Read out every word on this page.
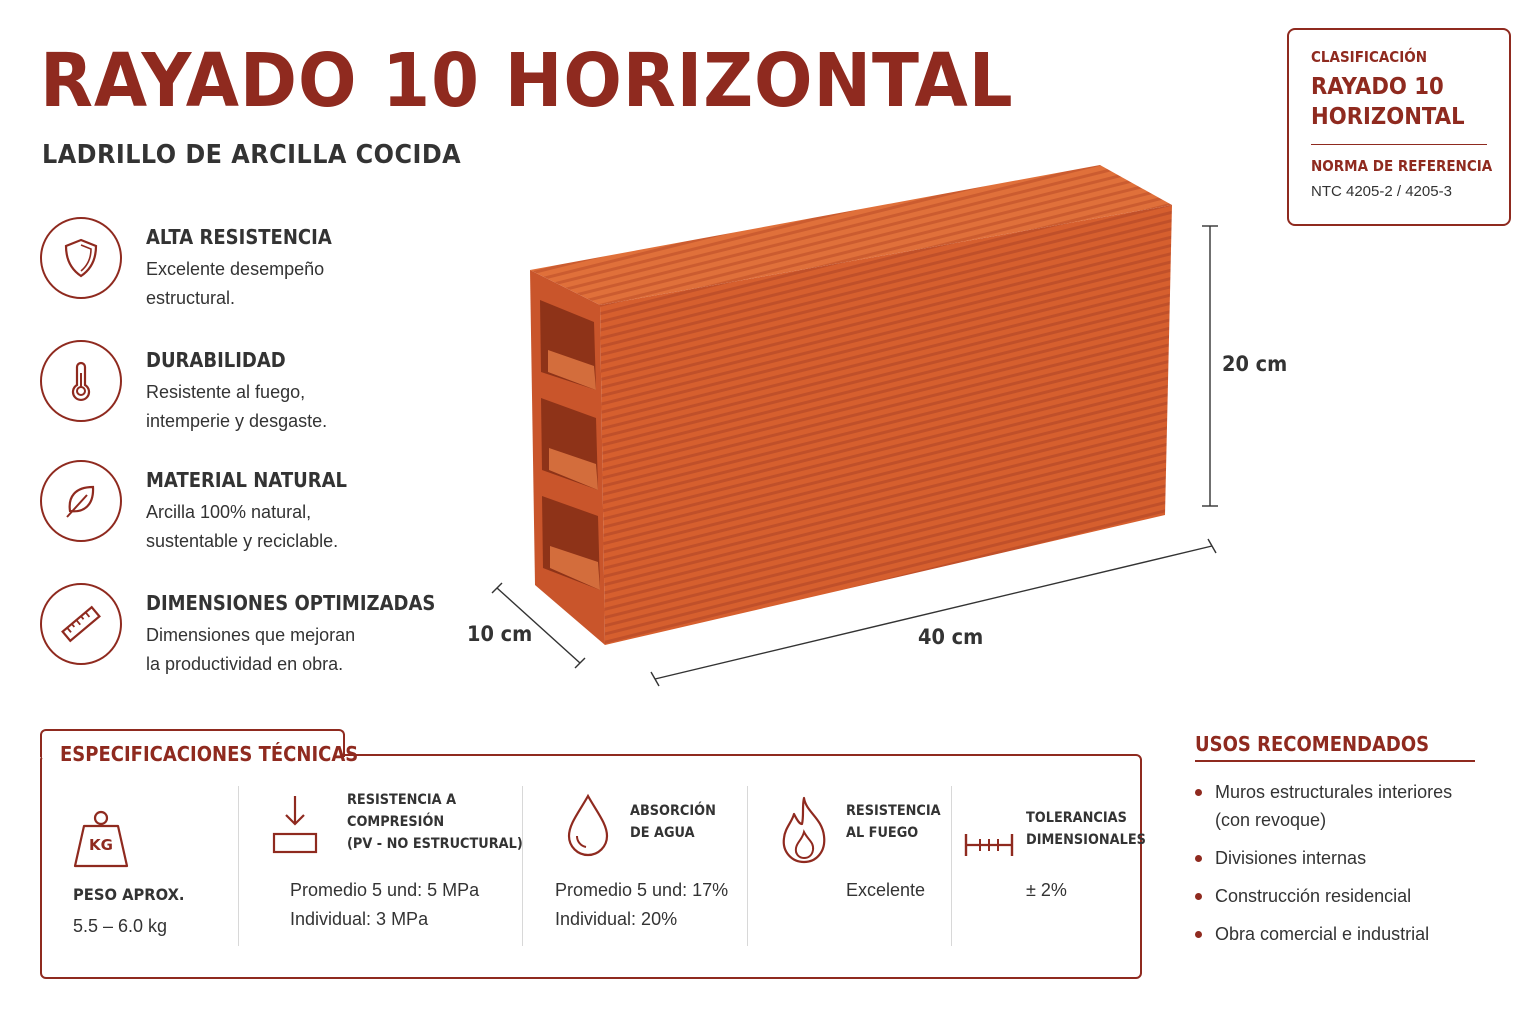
RAYADO 10 HORIZONTAL
LADRILLO DE ARCILLA COCIDA
CLASIFICACIÓN
RAYADO 10
HORIZONTAL
NORMA DE REFERENCIA
NTC 4205-2 / 4205-3
ALTA RESISTENCIA
Excelente desempeño
estructural.
DURABILIDAD
Resistente al fuego,
intemperie y desgaste.
MATERIAL NATURAL
Arcilla 100% natural,
sustentable y reciclable.
DIMENSIONES OPTIMIZADAS
Dimensiones que mejoran
la productividad en obra.
20 cm
40 cm
10 cm
ESPECIFICACIONES TÉCNICAS
KG
PESO APROX.
5.5 – 6.0 kg
RESISTENCIA A
COMPRESIÓN
(PV - NO ESTRUCTURAL)
Promedio 5 und: 5 MPa
Individual: 3 MPa
ABSORCIÓN
DE AGUA
Promedio 5 und: 17%
Individual: 20%
RESISTENCIA
AL FUEGO
Excelente
TOLERANCIAS
DIMENSIONALES
± 2%
USOS RECOMENDADOS
Muros estructurales interiores
(con revoque)
Divisiones internas
Construcción residencial
Obra comercial e industrial
